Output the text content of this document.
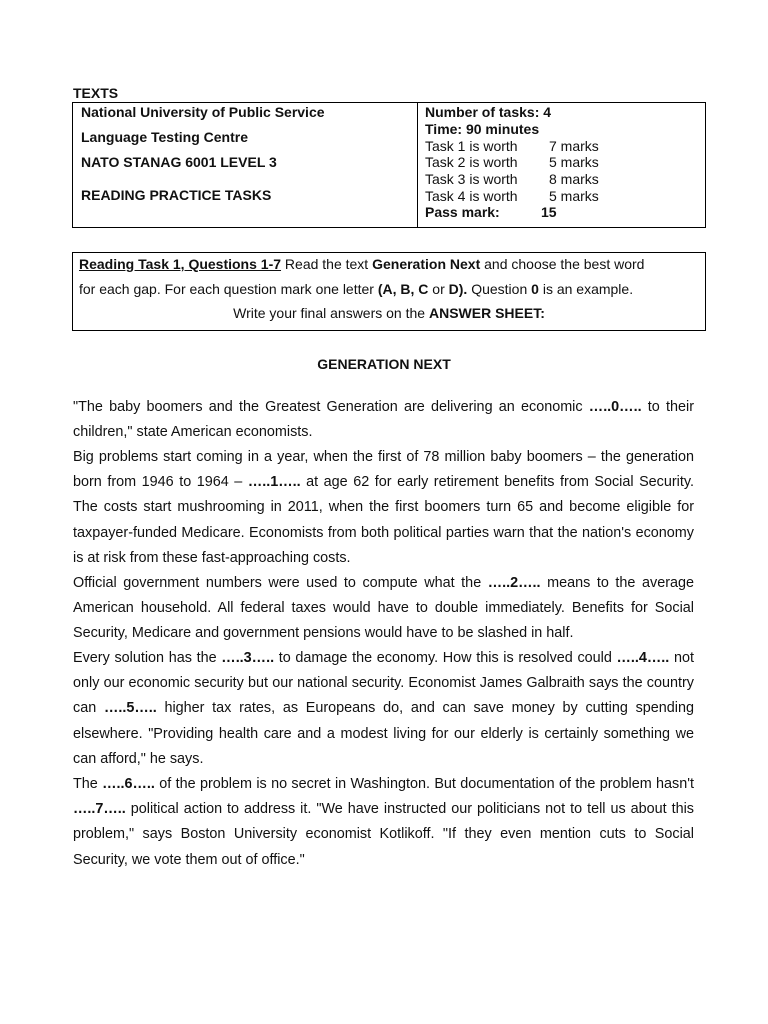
TEXTS
National University of Public Service
Language Testing Centre
NATO STANAG 6001 LEVEL 3
READING PRACTICE TASKS
Number of tasks: 4
Time: 90 minutes
Task 1 is worth 7 marks
Task 2 is worth 5 marks
Task 3 is worth 8 marks
Task 4 is worth 5 marks
Pass mark:	15
Reading Task 1, Questions 1-7 Read the text Generation Next and choose the best word
for each gap. For each question mark one letter (A, B, C or D). Question 0 is an example.
Write your final answers on the ANSWER SHEET:
GENERATION NEXT
"The baby boomers and the Greatest Generation are delivering an economic …..0….. to their children," state American economists.
Big problems start coming in a year, when the first of 78 million baby boomers – the generation born from 1946 to 1964 – …..1….. at age 62 for early retirement benefits from Social Security. The costs start mushrooming in 2011, when the first boomers turn 65 and become eligible for taxpayer-funded Medicare. Economists from both political parties warn that the nation's economy is at risk from these fast-approaching costs.
Official government numbers were used to compute what the …..2….. means to the average American household. All federal taxes would have to double immediately. Benefits for Social Security, Medicare and government pensions would have to be slashed in half.
Every solution has the …..3….. to damage the economy. How this is resolved could …..4….. not only our economic security but our national security. Economist James Galbraith says the country can …..5….. higher tax rates, as Europeans do, and can save money by cutting spending elsewhere. "Providing health care and a modest living for our elderly is certainly something we can afford," he says.
The …..6….. of the problem is no secret in Washington. But documentation of the problem hasn't …..7….. political action to address it. "We have instructed our politicians not to tell us about this problem," says Boston University economist Kotlikoff. "If they even mention cuts to Social Security, we vote them out of office."
